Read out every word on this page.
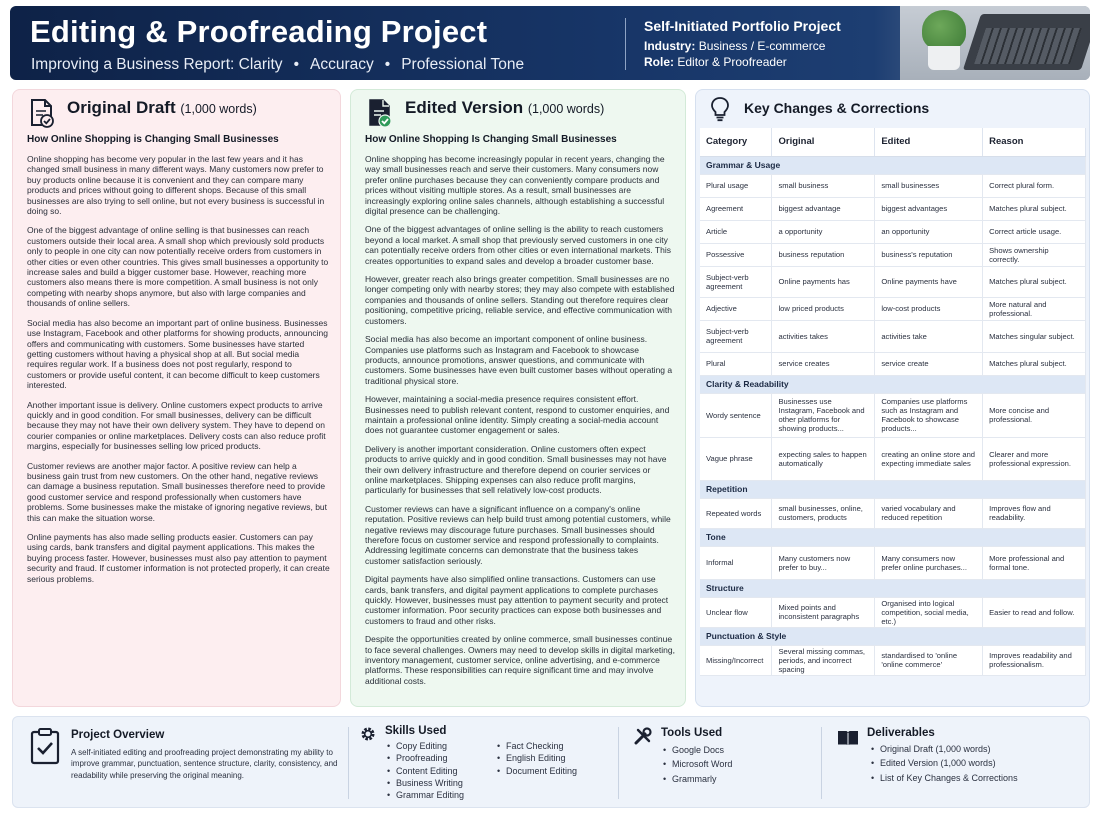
Editing & Proofreading Project
Improving a Business Report: Clarity • Accuracy • Professional Tone
Self-Initiated Portfolio Project
Industry: Business / E-commerce
Role: Editor & Proofreader
Original Draft (1,000 words)
How Online Shopping is Changing Small Businesses

Online shopping has become very popular in the last few years and it has changed small business in many different ways. Many customers now prefer to buy products online because it is convenient and they can compare many products and prices without going to different shops. Because of this small businesses are also trying to sell online, but not every business is successful in doing so.

One of the biggest advantage of online selling is that businesses can reach customers outside their local area. A small shop which previously sold products only to people in one city can now potentially receive orders from customers in other cities or even other countries. This gives small businesses a opportunity to increase sales and build a bigger customer base. However, reaching more customers also means there is more competition. A small business is not only competing with nearby shops anymore, but also with large companies and thousands of online sellers.

Social media has also become an important part of online business. Businesses use Instagram, Facebook and other platforms for showing products, announcing offers and communicating with customers. Some businesses have started getting customers without having a physical shop at all. But social media requires regular work. If a business does not post regularly, respond to customers or provide useful content, it can become difficult to keep customers interested.

Another important issue is delivery. Online customers expect products to arrive quickly and in good condition. For small businesses, delivery can be difficult because they may not have their own delivery system. They have to depend on courier companies or online marketplaces. Delivery costs can also reduce profit margins, especially for businesses selling low priced products.

Customer reviews are another major factor. A positive review can help a business gain trust from new customers. On the other hand, negative reviews can damage a business reputation. Small businesses therefore need to provide good customer service and respond professionally when customers have problems. Some businesses make the mistake of ignoring negative reviews, but this can make the situation worse.

Online payments has also made selling products easier. Customers can pay using cards, bank transfers and digital payment applications. This makes the buying process faster. However, businesses must also pay attention to payment security and fraud. If customer information is not protected properly, it can create serious problems.

Edited Version (1,000 words)
How Online Shopping Is Changing Small Businesses

Online shopping has become increasingly popular in recent years, changing the way small businesses reach and serve their customers. Many consumers now prefer online purchases because they can conveniently compare products and prices without visiting multiple stores. As a result, small businesses are increasingly exploring online sales channels, although establishing a successful digital presence can be challenging.

One of the biggest advantages of online selling is the ability to reach customers beyond a local market. A small shop that previously served customers in one city can potentially receive orders from other cities or even international markets. This creates opportunities to expand sales and develop a broader customer base.

However, greater reach also brings greater competition. Small businesses are no longer competing only with nearby stores; they may also compete with established companies and thousands of online sellers. Standing out therefore requires clear positioning, competitive pricing, reliable service, and effective communication with customers.

Social media has also become an important component of online business. Companies use platforms such as Instagram and Facebook to showcase products, announce promotions, answer questions, and communicate with customers. Some businesses have even built customer bases without operating a traditional physical store.

However, maintaining a social-media presence requires consistent effort. Businesses need to publish relevant content, respond to customer enquiries, and maintain a professional online identity. Simply creating a social-media account does not guarantee customer engagement or sales.

Delivery is another important consideration. Online customers often expect products to arrive quickly and in good condition. Small businesses may not have their own delivery infrastructure and therefore depend on courier services or online marketplaces. Shipping expenses can also reduce profit margins, particularly for businesses that sell relatively low-cost products.

Customer reviews can have a significant influence on a company's online reputation. Positive reviews can help build trust among potential customers, while negative reviews may discourage future purchases. Small businesses should therefore focus on customer service and respond professionally to complaints. Addressing legitimate concerns can demonstrate that the business takes customer satisfaction seriously.

Digital payments have also simplified online transactions. Customers can use cards, bank transfers, and digital payment applications to complete purchases quickly. However, businesses must pay attention to payment security and protect customer information. Poor security practices can expose both businesses and customers to fraud and other risks.

Despite the opportunities created by online commerce, small businesses continue to face several challenges. Owners may need to develop skills in digital marketing, inventory management, customer service, online advertising, and e-commerce platforms. These responsibilities can require significant time and may involve additional costs.

Key Changes & Corrections
Category	Original	Edited	Reason
Grammar & Usage			
Plural usage	small business	small businesses	Correct plural form.
Agreement	biggest advantage	biggest advantages	Matches plural subject.
Article	a opportunity	an opportunity	Correct article usage.
Possessive	business reputation	business's reputation	Shows ownership correctly.
Subject-verb agreement	Online payments has	Online payments have	Matches plural subject.
Adjective	low priced products	low-cost products	More natural and professional.
Subject-verb agreement	activities takes	activities take	Matches singular subject.
Plural	service creates	service create	Matches plural subject.
Clarity & Readability			
Wordy sentence	Businesses use Instagram, Facebook and other platforms for showing products...	Companies use platforms such as Instagram and Facebook to showcase products...	More concise and professional.
Vague phrase	expecting sales to happen automatically	creating an online store and expecting immediate sales	Clearer and more professional expression.
Repetition			
Repeated words	small businesses, online, customers, products	varied vocabulary and reduced repetition	Improves flow and readability.
Tone			
Informal	Many customers now prefer to buy...	Many consumers now prefer online purchases...	More professional and formal tone.
Structure			
Unclear flow	Mixed points and inconsistent paragraphs	Organised into logical competition, social media, etc.)	Easier to read and follow.
Punctuation & Style			
Missing/Incorrect	Several missing commas, periods, and incorrect spacing	standardised to 'online 'online commerce'	Improves readability and professionalism.
Project Overview
A self-initiated editing and proofreading project demonstrating my ability to improve grammar, punctuation, sentence structure, clarity, consistency, and readability while preserving the original meaning.
Skills Used
• Copy Editing
• Proofreading
• Content Editing
• Business Writing
• Grammar Editing
• Fact Checking
• English Editing
• Document Editing
Tools Used
• Google Docs
• Microsoft Word
• Grammarly
Deliverables
• Original Draft (1,000 words)
• Edited Version (1,000 words)
• List of Key Changes & Corrections
